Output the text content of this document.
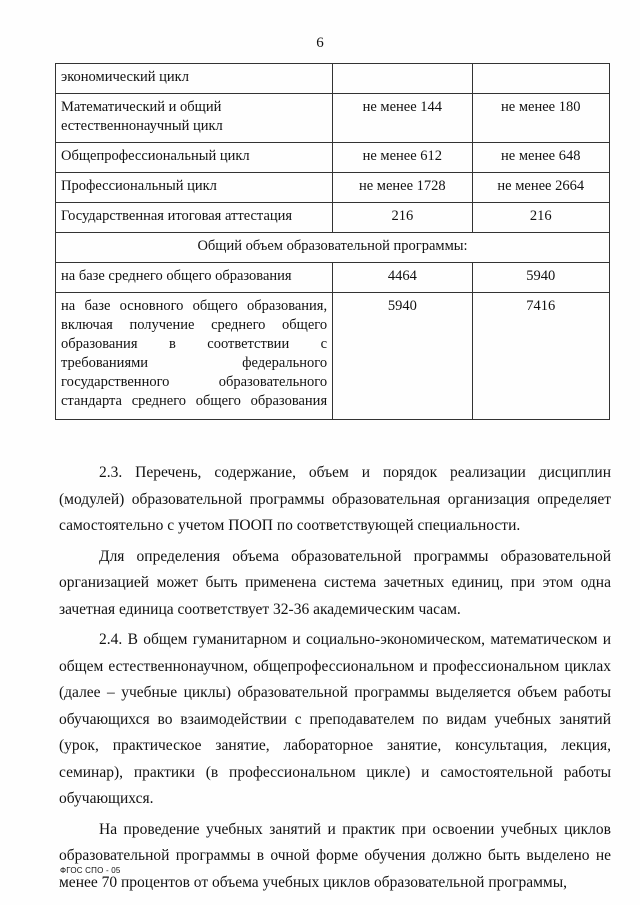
6
экономический цикл		
Математический и общий естественнонаучный цикл	не менее 144	не менее 180
Общепрофессиональный цикл	не менее 612	не менее 648
Профессиональный цикл	не менее 1728	не менее 2664
Государственная итоговая аттестация	216	216
Общий объем образовательной программы:		
на базе среднего общего образования	4464	5940
на базе основного общего образования, включая получение среднего общего образования в соответствии с требованиями федерального государственного образовательного стандарта среднего общего образования	5940	7416

2.3. Перечень, содержание, объем и порядок реализации дисциплин (модулей) образовательной программы образовательная организация определяет самостоятельно с учетом ПООП по соответствующей специальности.

Для определения объема образовательной программы образовательной организацией может быть применена система зачетных единиц, при этом одна зачетная единица соответствует 32-36 академическим часам.

2.4. В общем гуманитарном и социально-экономическом, математическом и общем естественнонаучном, общепрофессиональном и профессиональном циклах (далее – учебные циклы) образовательной программы выделяется объем работы обучающихся во взаимодействии с преподавателем по видам учебных занятий (урок, практическое занятие, лабораторное занятие, консультация, лекция, семинар), практики (в профессиональном цикле) и самостоятельной работы обучающихся.

На проведение учебных занятий и практик при освоении учебных циклов образовательной программы в очной форме обучения должно быть выделено не менее 70 процентов от объема учебных циклов образовательной программы,

ФГОС СПО - 05
